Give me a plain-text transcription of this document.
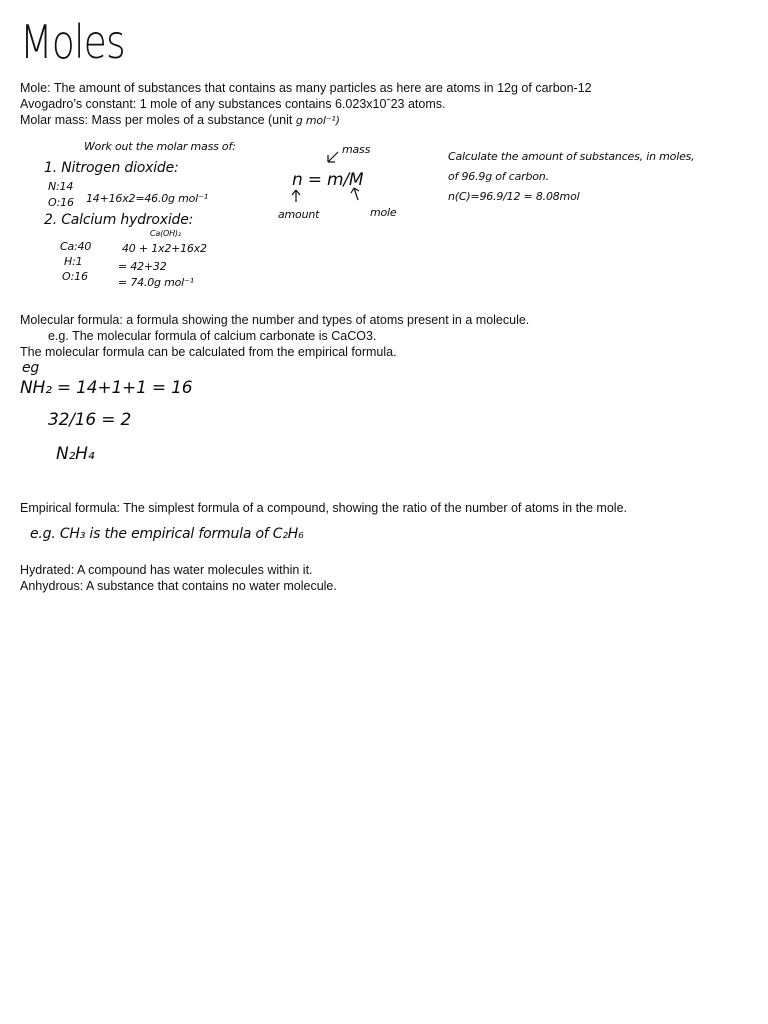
Moles
Mole: The amount of substances that contains as many particles as here are atoms in 12g of carbon-12
Avogadro’s constant: 1 mole of any substances contains 6.023x10ˆ23 atoms.
Molar mass: Mass per moles of a substance (unit g mol⁻¹)
Work out the molar mass of:
1. Nitrogen dioxide:
N:14
O:16 14+16x2=46.0g mol⁻¹
2. Calcium hydroxide:
Ca(OH)₂
Ca:40
H:1
O:16
40 + 1x2+16x2
= 42+32
= 74.0g mol⁻¹
mass
n = m/M
amount	mole
Calculate the amount of substances, in moles,
of 96.9g of carbon.
n(C)=96.9/12 = 8.08mol
Molecular formula: a formula showing the number and types of atoms present in a molecule.
e.g. The molecular formula of calcium carbonate is CaCO3.
The molecular formula can be calculated from the empirical formula.
eg
NH₂ = 14+1+1 = 16
32/16 = 2
N₂H₄
Empirical formula: The simplest formula of a compound, showing the ratio of the number of atoms in the mole.
e.g. CH₃ is the empirical formula of C₂H₆
Hydrated: A compound has water molecules within it.
Anhydrous: A substance that contains no water molecule.
